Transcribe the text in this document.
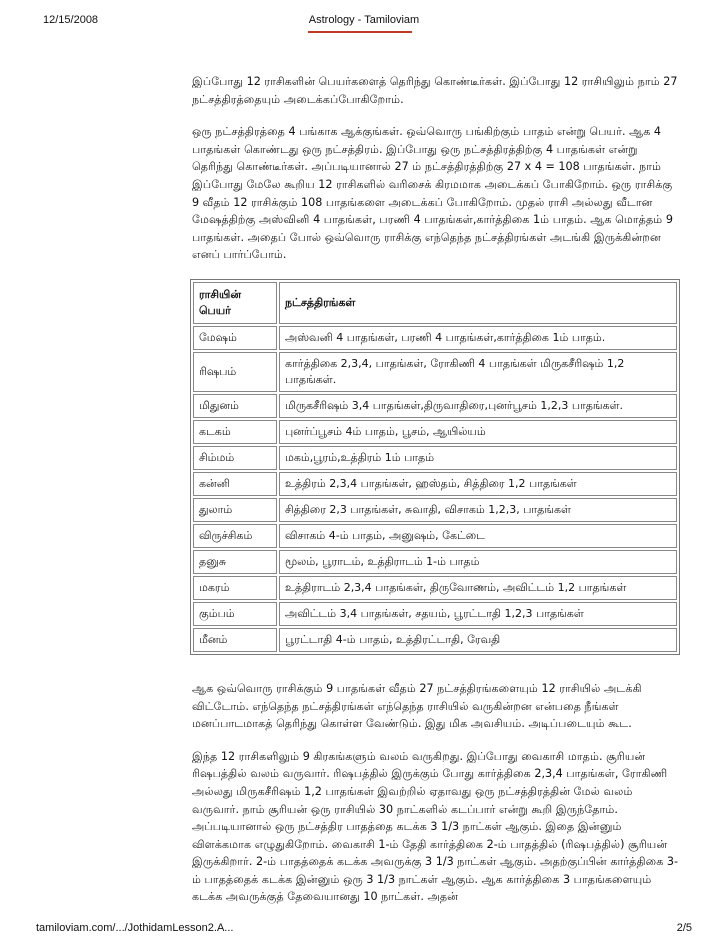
12/15/2008	Astrology - Tamiloviam

இப்போது 12 ராசிகளின் பெயர்களைத் தெரிந்து கொண்டீர்கள். இப்போது 12 ராசியிலும் நாம் 27 நட்சத்திரத்தையும் அடைக்கப்போகிறோம்.

ஒரு நட்சத்திரத்தை 4 பங்காக ஆக்குங்கள். ஒவ்வொரு பங்கிற்கும் பாதம் என்று பெயர். ஆக 4 பாதங்கள் கொண்டது ஒரு நட்சத்திரம். இப்போது ஒரு நட்சத்திரத்திற்கு 4 பாதங்கள் என்று தெரிந்து கொண்டீர்கள். அப்படியானால் 27 ம் நட்சத்திரத்திற்கு 27 x 4 = 108 பாதங்கள். நாம் இப்போது மேலே கூறிய 12 ராசிகளில் வரிசைக் கிரமமாக அடைக்கப் போகிறோம். ஒரு ராசிக்கு 9 வீதம் 12 ராசிக்கும் 108 பாதங்களை அடைக்கப் போகிறோம். முதல் ராசி அல்லது வீடான மேஷத்திற்கு அஸ்வினி 4 பாதங்கள், பரணி 4 பாதங்கள்,கார்த்திகை 1ம் பாதம். ஆக மொத்தம் 9 பாதங்கள். அதைப் போல் ஒவ்வொரு ராசிக்கு எந்தெந்த நட்சத்திரங்கள் அடங்கி இருக்கின்றன எனப் பார்ப்போம்.

ராசியின் பெயர்	நட்சத்திரங்கள்
மேஷம்	அஸ்வனி 4 பாதங்கள், பரணி 4 பாதங்கள்,கார்த்திகை 1ம் பாதம்.
ரிஷபம்	கார்த்திகை 2,3,4, பாதங்கள், ரோகிணி 4 பாதங்கள் மிருகசீரிஷம் 1,2 பாதங்கள்.
மிதுனம்	மிருகசீரிஷம் 3,4 பாதங்கள்,திருவாதிரை,புனர்பூசம் 1,2,3 பாதங்கள்.
கடகம்	புனர்ப்பூசம் 4ம் பாதம், பூசம், ஆயில்யம்
சிம்மம்	மகம்,பூரம்,உத்திரம் 1ம் பாதம்
கன்னி	உத்திரம் 2,3,4 பாதங்கள், ஹஸ்தம், சித்திரை 1,2 பாதங்கள்
துலாம்	சித்திரை 2,3 பாதங்கள், சுவாதி, விசாகம் 1,2,3, பாதங்கள்
விருச்சிகம்	விசாகம் 4-ம் பாதம், அனுஷம், கேட்டை
தனுசு	மூலம், பூராடம், உத்திராடம் 1-ம் பாதம்
மகரம்	உத்திராடம் 2,3,4 பாதங்கள், திருவோணம், அவிட்டம் 1,2 பாதங்கள்
கும்பம்	அவிட்டம் 3,4 பாதங்கள், சதயம், பூரட்டாதி 1,2,3 பாதங்கள்
மீனம்	பூரட்டாதி 4-ம் பாதம், உத்திரட்டாதி, ரேவதி

ஆக ஒவ்வொரு ராசிக்கும் 9 பாதங்கள் வீதம் 27 நட்சத்திரங்களையும் 12 ராசியில் அடக்கி விட்டோம். எந்தெந்த நட்சத்திரங்கள் எந்தெந்த ராசியில் வருகின்றன என்பதை நீங்கள் மனப்பாடமாகத் தெரிந்து கொள்ள வேண்டும். இது மிக அவசியம். அடிப்படையும் கூட.

இந்த 12 ராசிகளிலும் 9 கிரகங்களும் வலம் வருகிறது. இப்போது வைகாசி மாதம். சூரியன் ரிஷபத்தில் வலம் வருவார். ரிஷபத்தில் இருக்கும் போது கார்த்திகை 2,3,4 பாதங்கள், ரோகிணி அல்லது மிருகசீரிஷம் 1,2 பாதங்கள் இவற்றில் ஏதாவது ஒரு நட்சத்திரத்தின் மேல் வலம் வருவார். நாம் சூரியன் ஒரு ராசியில் 30 நாட்களில் கடப்பார் என்று கூறி இருந்தோம். அப்படியானால் ஒரு நட்சத்திர பாதத்தை கடக்க 3 1/3 நாட்கள் ஆகும். இதை இன்னும் விளக்கமாக எழுதுகிறோம். வைகாசி 1-ம் தேதி கார்த்திகை 2-ம் பாதத்தில் (ரிஷபத்தில்) சூரியன் இருக்கிறார். 2-ம் பாதத்தைக் கடக்க அவருக்கு 3 1/3 நாட்கள் ஆகும். அதற்குப்பின் கார்த்திகை 3-ம் பாதத்தைக் கடக்க இன்னும் ஒரு 3 1/3 நாட்கள் ஆகும். ஆக கார்த்திகை 3 பாதங்களையும் கடக்க அவருக்குத் தேவையானது 10 நாட்கள். அதன்

tamiloviam.com/.../JothidamLesson2.A...	2/5
